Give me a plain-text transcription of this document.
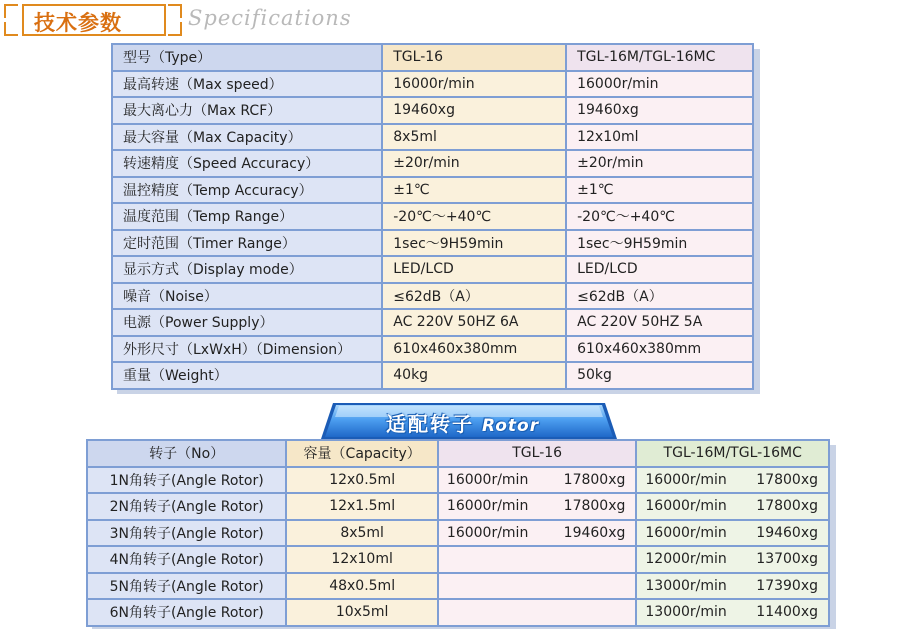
技术参数	Specifications
型号（Type）	TGL-16	TGL-16M/TGL-16MC
最高转速（Max speed）	16000r/min	16000r/min
最大离心力（Max RCF）	19460xg	19460xg
最大容量（Max Capacity）	8x5ml	12x10ml
转速精度（Speed Accuracy）	±20r/min	±20r/min
温控精度（Temp Accuracy）	±1℃	±1℃
温度范围（Temp Range）	-20℃～+40℃	-20℃～+40℃
定时范围（Timer Range）	1sec～9H59min	1sec～9H59min
显示方式（Display mode）	LED/LCD	LED/LCD
噪音（Noise）	≤62dB（A）	≤62dB（A）
电源（Power Supply）	AC 220V 50HZ 6A	AC 220V 50HZ 5A
外形尺寸（LxWxH）（Dimension）	610x460x380mm	610x460x380mm
重量（Weight）	40kg	50kg
适配转子 Rotor
转子（No）	容量（Capacity）	TGL-16	TGL-16M/TGL-16MC
1N角转子(Angle Rotor)	12x0.5ml	16000r/min 17800xg	16000r/min 17800xg

2N角转子(Angle Rotor)	12x1.5ml	16000r/min 17800xg	16000r/min 17800xg

3N角转子(Angle Rotor)	8x5ml	16000r/min 19460xg	16000r/min 19460xg

4N角转子(Angle Rotor)	12x10ml		12000r/min 13700xg

5N角转子(Angle Rotor)	48x0.5ml		13000r/min 17390xg

6N角转子(Angle Rotor)	10x5ml		13000r/min 11400xg
